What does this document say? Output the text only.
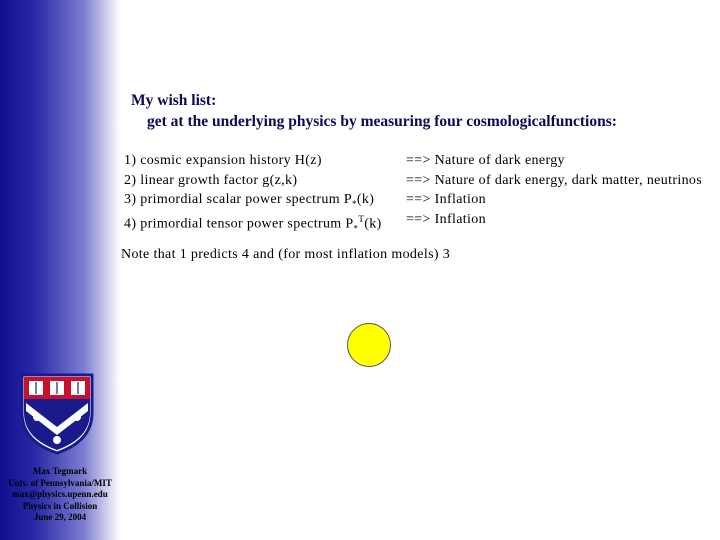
Max Tegmark
Univ. of Pennsylvania/MIT
max@physics.upenn.edu
Physics in Collision
June 29, 2004
My wish list:
get at the underlying physics by measuring four cosmologicalfunctions:
1) cosmic expansion history H(z)	==> Nature of dark energy
2) linear growth factor g(z,k)	==> Nature of dark energy, dark matter, neutrinos
3) primordial scalar power spectrum $P_*(k)$ ==> Inflation
4) primordial tensor power spectrum $P_*^T(k)$ ==> Inflation
Note that 1 predicts 4 and (for most inflation models) 3
